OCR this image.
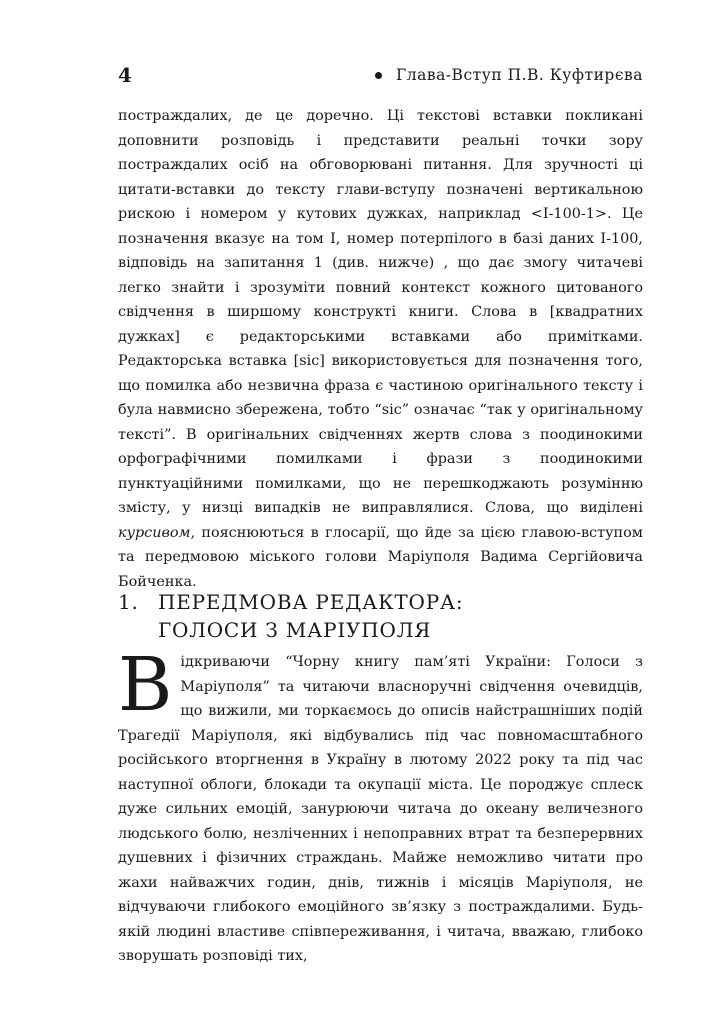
4	Глава-Вступ П.В. Куфтирєва

постраждалих, де це доречно. Ці текстові вставки покликані доповнити розповідь і представити реальні точки зору постраждалих осіб на обговорювані питання. Для зручності ці цитати-вставки до тексту глави-вступу позначені вертикальною рискою і номером у кутових дужках, наприклад <І-100-1>. Це позначення вказує на том І, номер потерпілого в базі даних І-100, відповідь на запитання 1 (див. нижче) , що дає змогу читачеві легко знайти і зрозуміти повний контекст кожного цитованого свідчення в ширшому конструкті книги. Слова в [квадратних дужках] є редакторськими вставками або примітками. Редакторська вставка [sic] використовується для позначення того, що помилка або незвична фраза є частиною оригінального тексту і була навмисно збережена, тобто “sic” означає “так у оригінальному тексті”. В оригінальних свідченнях жертв слова з поодинокими орфографічними помилками і фрази з поодинокими пунктуаційними помилками, що не перешкоджають розумінню змісту, у низці випадків не виправлялися. Слова, що виділені курсивом, пояснюються в глосарії, що йде за цією главою-вступом та передмовою міського голови Маріуполя Вадима Сергійовича Бойченка.

1. ПЕРЕДМОВА РЕДАКТОРА:
ГОЛОСИ З МАРІУПОЛЯ

Відкриваючи “Чорну книгу пам’яті України: Голоси з Маріуполя” та читаючи власноручні свідчення очевидців, що вижили, ми торкаємось до описів найстрашніших подій Трагедії Маріуполя, які відбувались під час повномасштабного російського вторгнення в Україну в лютому 2022 року та під час наступної облоги, блокади та окупації міста. Це породжує сплеск дуже сильних емоцій, занурюючи читача до океану величезного людського болю, незліченних і непоправних втрат та безперервних душевних і фізичних страждань. Майже неможливо читати про жахи найважчих годин, днів, тижнів і місяців Маріуполя, не відчуваючи глибокого емоційного зв’язку з постраждалими. Будь-якій людині властиве співпереживання, і читача, вважаю, глибоко зворушать розповіді тих,
